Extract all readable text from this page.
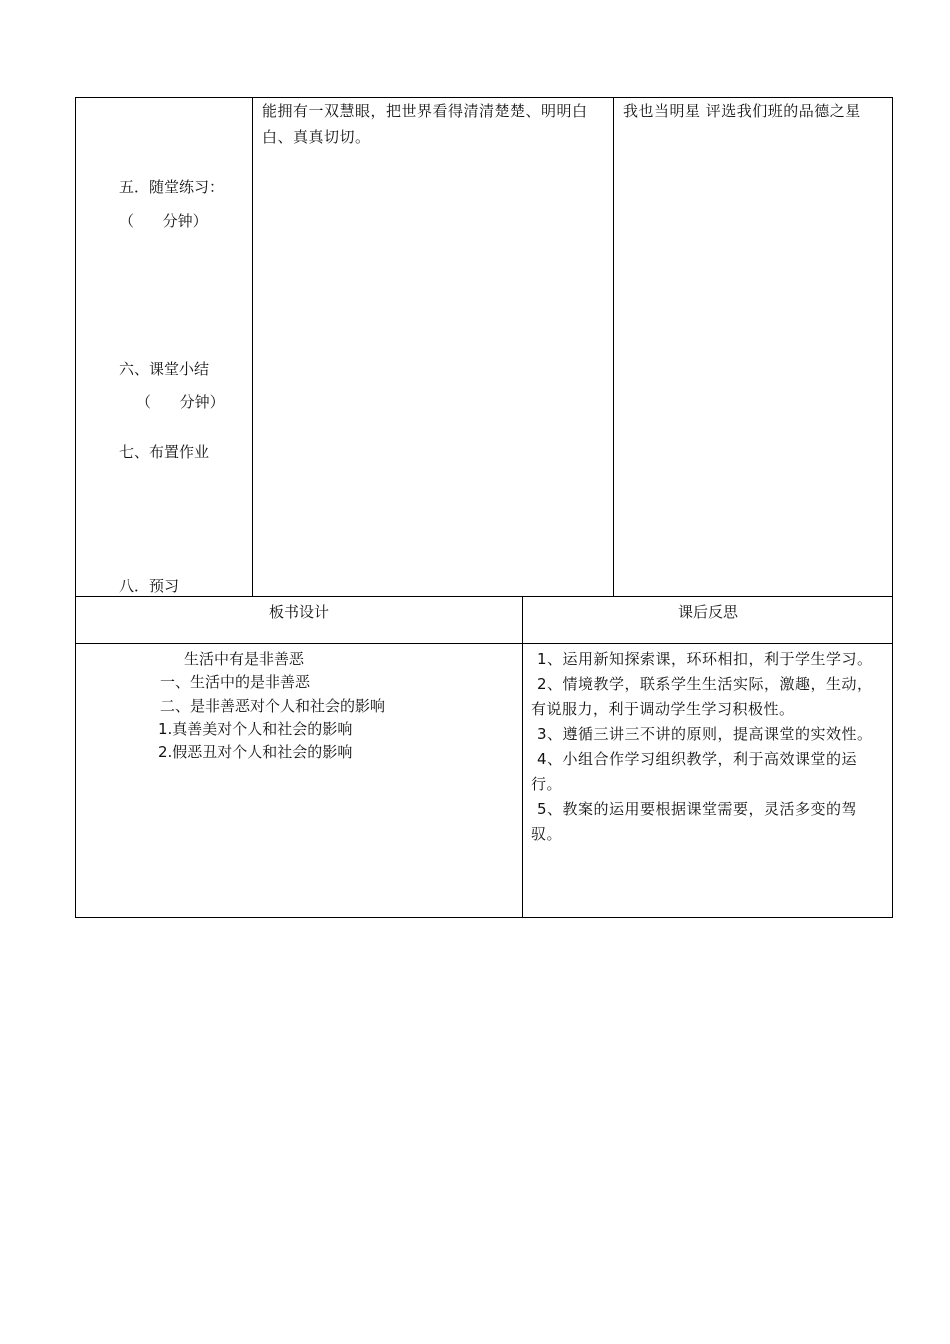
五．随堂练习：
（      分钟）
六、课堂小结
（      分钟）
七、布置作业
八．预习
能拥有一双慧眼，把世界看得清清楚楚、明明白白、真真切切。
我也当明星 评选我们班的品德之星
板书设计	课后反思
生活中有是非善恶
一、生活中的是非善恶
二、是非善恶对个人和社会的影响
1.真善美对个人和社会的影响
2.假恶丑对个人和社会的影响

1、运用新知探索课，环环相扣，利于学生学习。

2、情境教学，联系学生生活实际，激趣，生动，有说服力，利于调动学生学习积极性。

3、遵循三讲三不讲的原则，提高课堂的实效性。

4、小组合作学习组织教学，利于高效课堂的运行。

5、教案的运用要根据课堂需要，灵活多变的驾驭。
